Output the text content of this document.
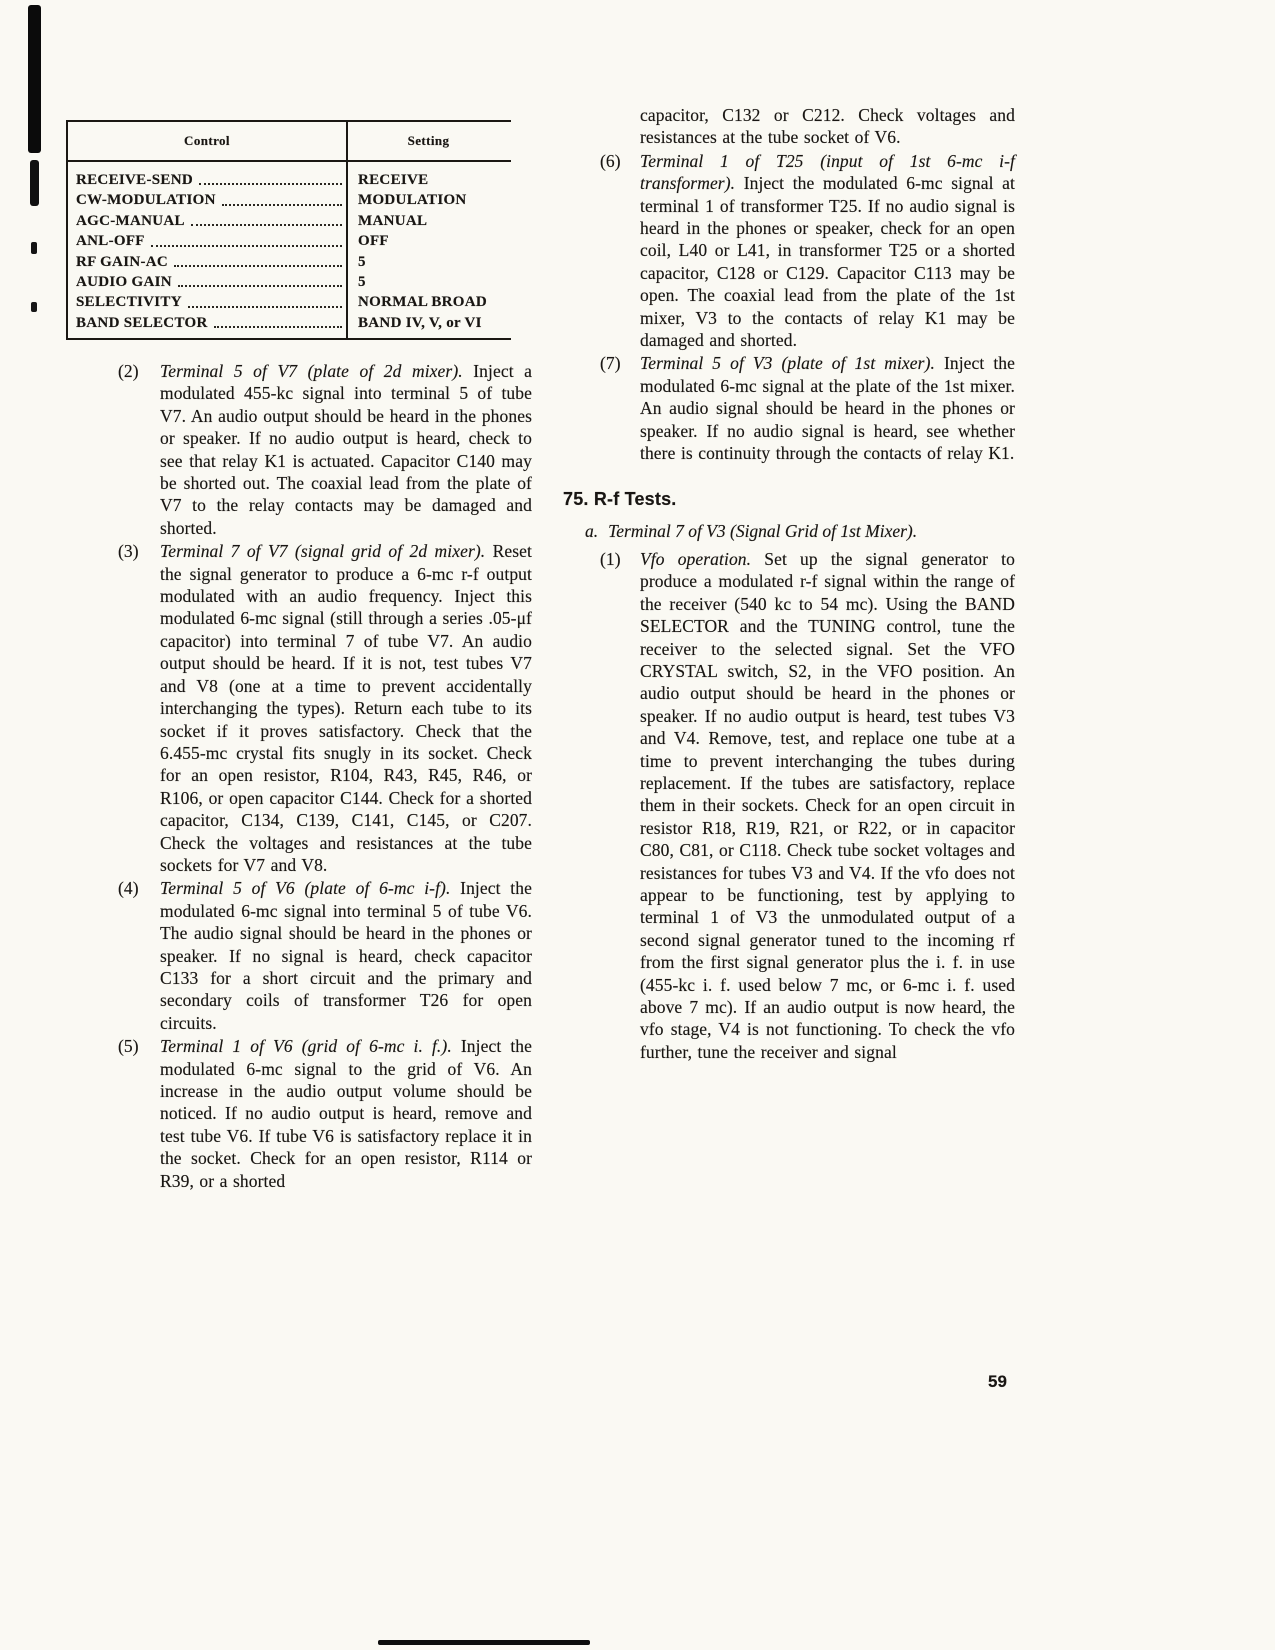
Control	Setting
RECEIVE-SEND	RECEIVE
CW-MODULATION	MODULATION
AGC-MANUAL	MANUAL
ANL-OFF	OFF
RF GAIN-AC	5
AUDIO GAIN	5
SELECTIVITY	NORMAL BROAD
BAND SELECTOR	BAND IV, V, or VI

(2) Terminal 5 of V7 (plate of 2d mixer). Inject a modulated 455-kc signal into terminal 5 of tube V7. An audio output should be heard in the phones or speaker. If no audio output is heard, check to see that relay K1 is actuated. Capacitor C140 may be shorted out. The coaxial lead from the plate of V7 to the relay contacts may be damaged and shorted.

(3) Terminal 7 of V7 (signal grid of 2d mixer). Reset the signal generator to produce a 6-mc r-f output modulated with an audio frequency. Inject this modulated 6-mc signal (still through a series .05-μf capacitor) into terminal 7 of tube V7. An audio output should be heard. If it is not, test tubes V7 and V8 (one at a time to prevent accidentally interchanging the types). Return each tube to its socket if it proves satisfactory. Check that the 6.455-mc crystal fits snugly in its socket. Check for an open resistor, R104, R43, R45, R46, or R106, or open capacitor C144. Check for a shorted capacitor, C134, C139, C141, C145, or C207. Check the voltages and resistances at the tube sockets for V7 and V8.

(4) Terminal 5 of V6 (plate of 6-mc i-f). Inject the modulated 6-mc signal into terminal 5 of tube V6. The audio signal should be heard in the phones or speaker. If no signal is heard, check capacitor C133 for a short circuit and the primary and secondary coils of transformer T26 for open circuits.

(5) Terminal 1 of V6 (grid of 6-mc i. f.). Inject the modulated 6-mc signal to the grid of V6. An increase in the audio output volume should be noticed. If no audio output is heard, remove and test tube V6. If tube V6 is satisfactory replace it in the socket. Check for an open resistor, R114 or R39, or a shorted

capacitor, C132 or C212. Check voltages and resistances at the tube socket of V6.

(6) Terminal 1 of T25 (input of 1st 6-mc i-f transformer). Inject the modulated 6-mc signal at terminal 1 of transformer T25. If no audio signal is heard in the phones or speaker, check for an open coil, L40 or L41, in transformer T25 or a shorted capacitor, C128 or C129. Capacitor C113 may be open. The coaxial lead from the plate of the 1st mixer, V3 to the contacts of relay K1 may be damaged and shorted.

(7) Terminal 5 of V3 (plate of 1st mixer). Inject the modulated 6-mc signal at the plate of the 1st mixer. An audio signal should be heard in the phones or speaker. If no audio signal is heard, see whether there is continuity through the contacts of relay K1.

75. R-f Tests.

a. Terminal 7 of V3 (Signal Grid of 1st Mixer).

(1) Vfo operation. Set up the signal generator to produce a modulated r-f signal within the range of the receiver (540 kc to 54 mc). Using the BAND SELECTOR and the TUNING control, tune the receiver to the selected signal. Set the VFO CRYSTAL switch, S2, in the VFO position. An audio output should be heard in the phones or speaker. If no audio output is heard, test tubes V3 and V4. Remove, test, and replace one tube at a time to prevent interchanging the tubes during replacement. If the tubes are satisfactory, replace them in their sockets. Check for an open circuit in resistor R18, R19, R21, or R22, or in capacitor C80, C81, or C118. Check tube socket voltages and resistances for tubes V3 and V4. If the vfo does not appear to be functioning, test by applying to terminal 1 of V3 the unmodulated output of a second signal generator tuned to the incoming rf from the first signal generator plus the i. f. in use (455-kc i. f. used below 7 mc, or 6-mc i. f. used above 7 mc). If an audio output is now heard, the vfo stage, V4 is not functioning. To check the vfo further, tune the receiver and signal

59
